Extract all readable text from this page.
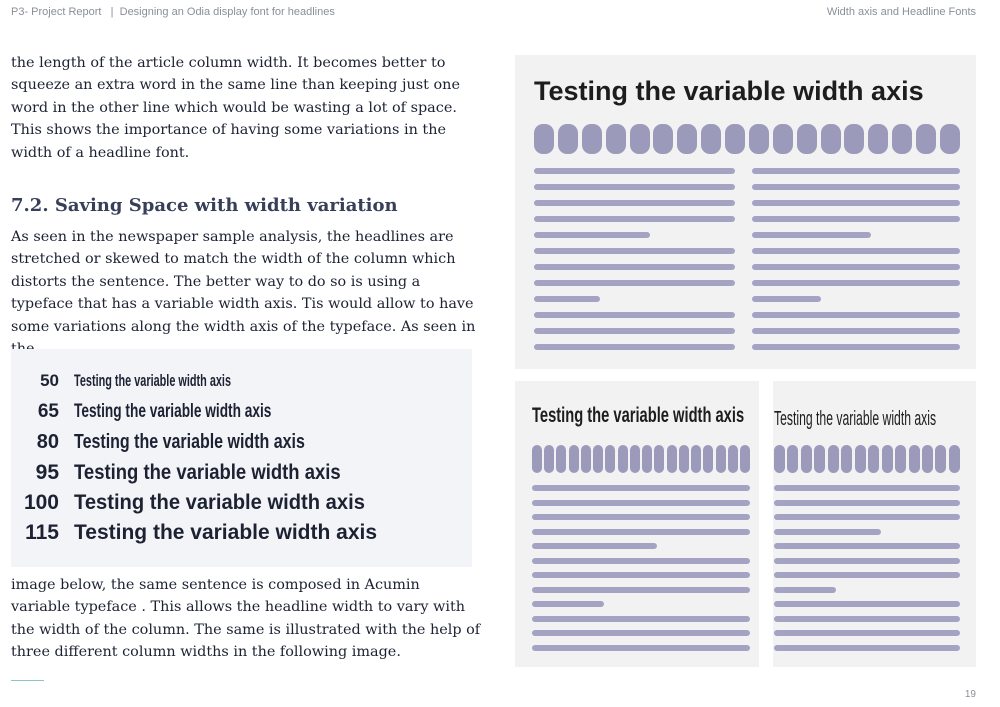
P3- Project Report   |  Designing an Odia display font for headlines	Width axis and Headline Fonts
the length of the article column width. It becomes better to squeeze an extra word in the same line than keeping just one word in the other line which would be wasting a lot of space. This shows the importance of having some variations in the width of a headline font.
7.2. Saving Space with width variation
As seen in the newspaper sample analysis, the headlines are stretched or skewed to match the width of the column which distorts the sentence. The better way to do so is using a typeface that has a variable width axis. Tis would allow to have some variations along the width axis of the typeface. As seen in
50 Testing the variable width axis
65 Testing the variable width axis
80 Testing the variable width axis
95 Testing the variable width axis
100 Testing the variable width axis
115 Testing the variable width axis
image below, the same sentence is composed in Acumin variable typeface . This allows the headline width to vary with the width of the column. The same is illustrated with the help of three different column widths in the following image.
Testing the variable width axis
Testing the variable width axis Testing the variable width axis
19
